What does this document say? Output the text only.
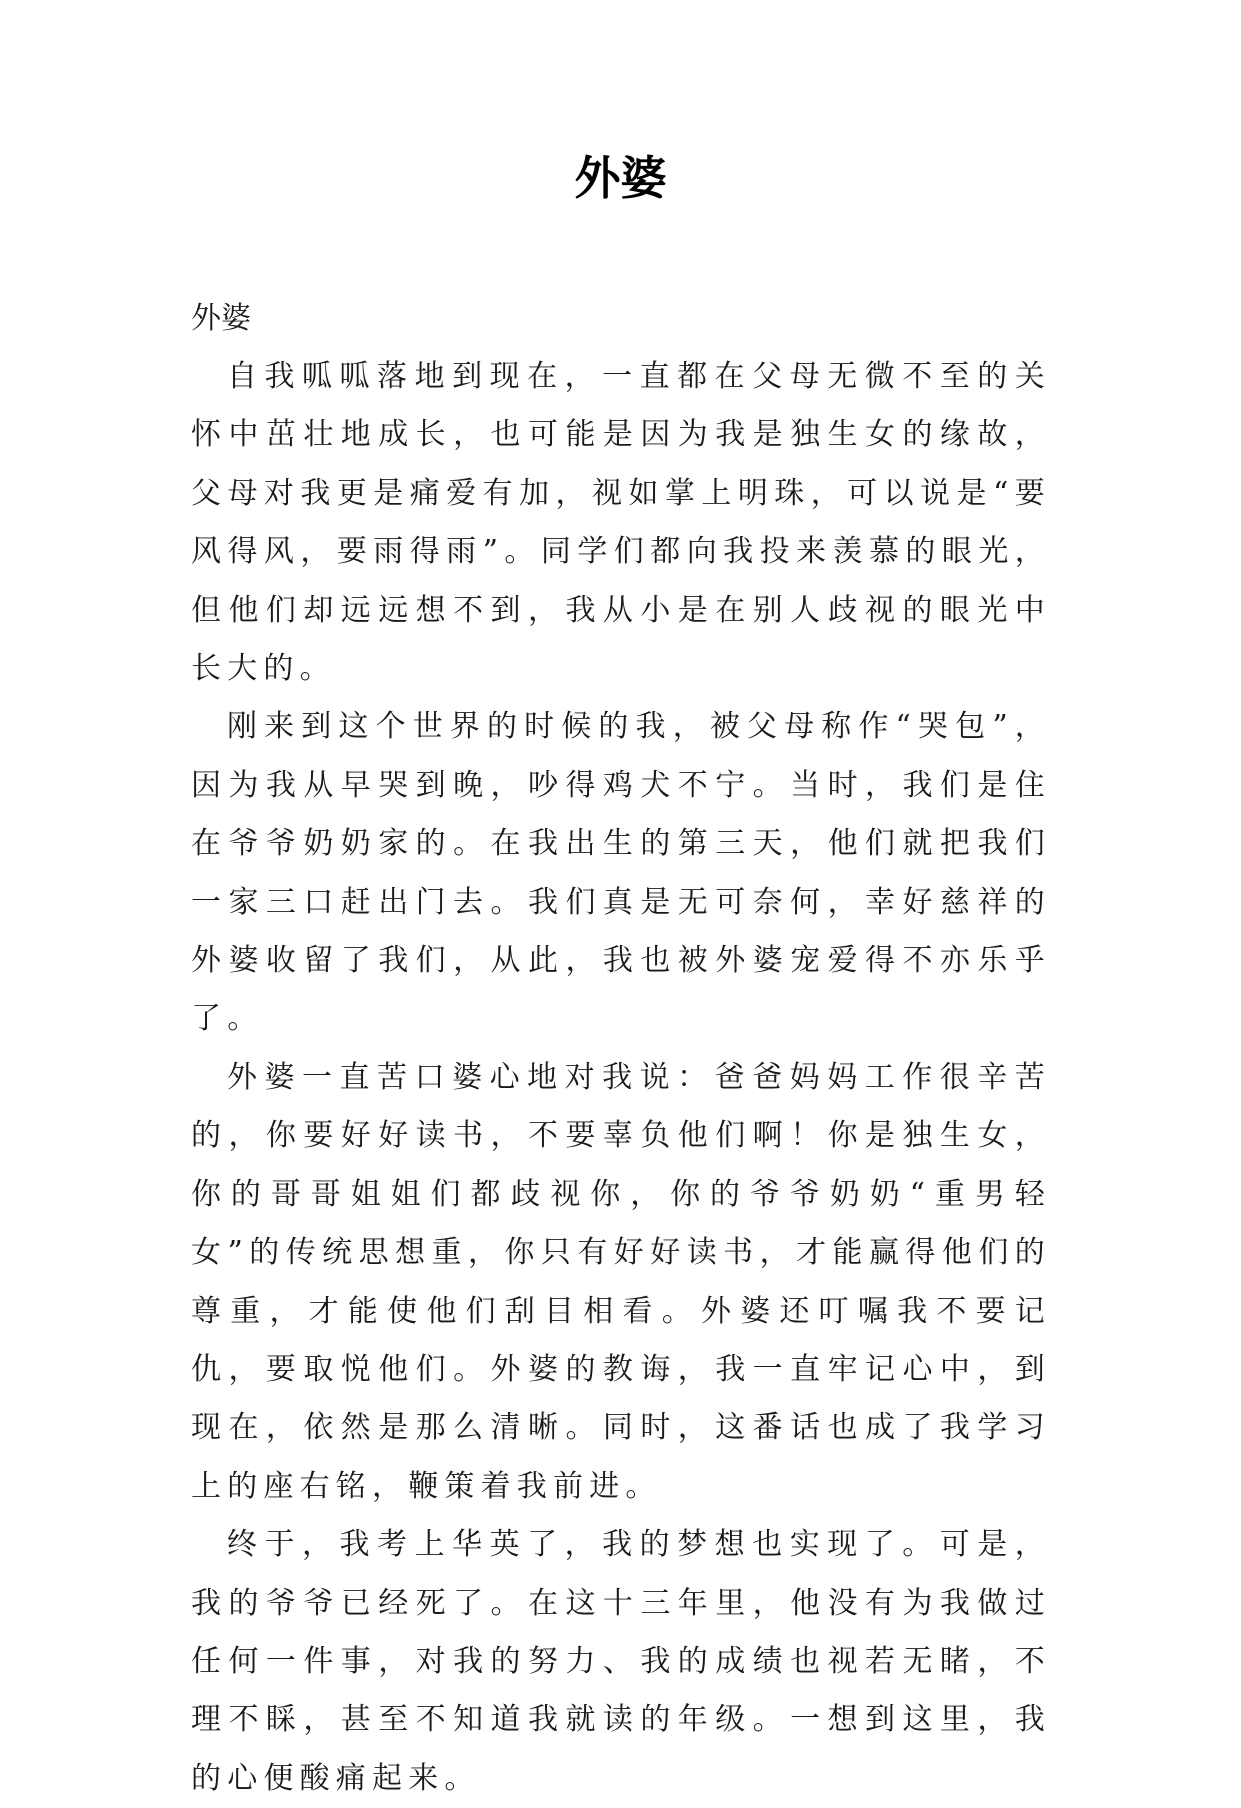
外婆

外婆

自我呱呱落地到现在，一直都在父母无微不至的关怀中茁壮地成长，也可能是因为我是独生女的缘故，父母对我更是痛爱有加，视如掌上明珠，可以说是“要风得风，要雨得雨”。同学们都向我投来羡慕的眼光，但他们却远远想不到，我从小是在别人歧视的眼光中长大的。

刚来到这个世界的时候的我，被父母称作“哭包”，因为我从早哭到晚，吵得鸡犬不宁。当时，我们是住在爷爷奶奶家的。在我出生的第三天，他们就把我们一家三口赶出门去。我们真是无可奈何，幸好慈祥的外婆收留了我们，从此，我也被外婆宠爱得不亦乐乎了。

外婆一直苦口婆心地对我说：爸爸妈妈工作很辛苦的，你要好好读书，不要辜负他们啊！你是独生女，你的哥哥姐姐们都歧视你，你的爷爷奶奶“重男轻女”的传统思想重，你只有好好读书，才能赢得他们的尊重，才能使他们刮目相看。外婆还叮嘱我不要记仇，要取悦他们。外婆的教诲，我一直牢记心中，到现在，依然是那么清晰。同时，这番话也成了我学习上的座右铭，鞭策着我前进。

终于，我考上华英了，我的梦想也实现了。可是，我的爷爷已经死了。在这十三年里，他没有为我做过任何一件事，对我的努力、我的成绩也视若无睹，不理不睬，甚至不知道我就读的年级。一想到这里，我的心便酸痛起来。
